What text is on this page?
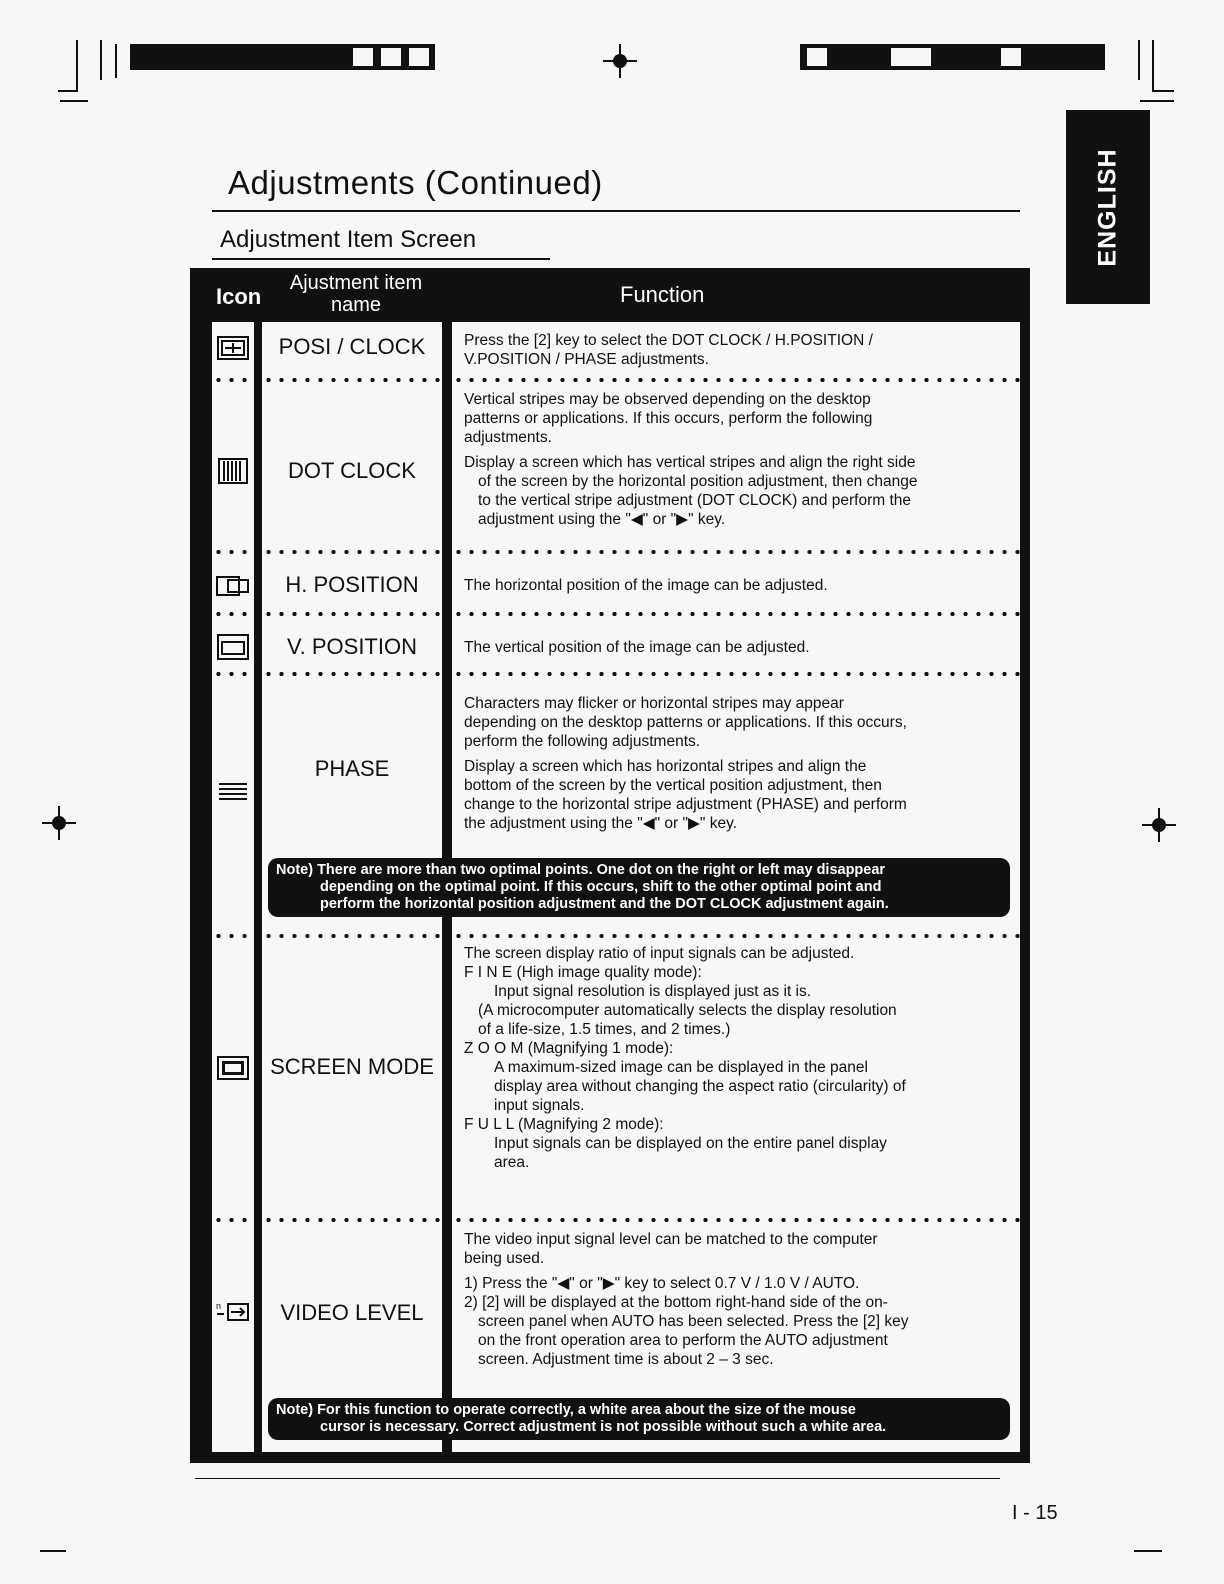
ENGLISH
Adjustments (Continued)
Adjustment Item Screen
Icon
Ajustment item name	Function
n
POSI / CLOCK
DOT CLOCK
H. POSITION
V. POSITION
PHASE
SCREEN MODE
VIDEO LEVEL

Press the [2] key to select the DOT CLOCK / H.POSITION /

V.POSITION / PHASE adjustments.

Vertical stripes may be observed depending on the desktop

patterns or applications. If this occurs, perform the following

adjustments.

Display a screen which has vertical stripes and align the right side

of the screen by the horizontal position adjustment, then change

to the vertical stripe adjustment (DOT CLOCK) and perform the

adjustment using the "◀" or "▶" key.

The horizontal position of the image can be adjusted.

The vertical position of the image can be adjusted.

Characters may flicker or horizontal stripes may appear

depending on the desktop patterns or applications. If this occurs,

perform the following adjustments.

Display a screen which has horizontal stripes and align the

bottom of the screen by the vertical position adjustment, then

change to the horizontal stripe adjustment (PHASE) and perform

the adjustment using the "◀" or "▶" key.

The screen display ratio of input signals can be adjusted.

F I N E (High image quality mode):

Input signal resolution is displayed just as it is.

(A microcomputer automatically selects the display resolution

of a life-size, 1.5 times, and 2 times.)

Z O O M (Magnifying 1 mode):

A maximum-sized image can be displayed in the panel

display area without changing the aspect ratio (circularity) of

input signals.

F U L L (Magnifying 2 mode):

Input signals can be displayed on the entire panel display

area.

The video input signal level can be matched to the computer

being used.

1) Press the "◀" or "▶" key to select 0.7 V / 1.0 V / AUTO.

2) [2] will be displayed at the bottom right-hand side of the on-

screen panel when AUTO has been selected. Press the [2] key

on the front operation area to perform the AUTO adjustment

screen. Adjustment time is about 2 – 3 sec.

Note) There are more than two optimal points. One dot on the right or left may disappear
depending on the optimal point. If this occurs, shift to the other optimal point and
perform the horizontal position adjustment and the DOT CLOCK adjustment again.
Note) For this function to operate correctly, a white area about the size of the mouse
cursor is necessary. Correct adjustment is not possible without such a white area.
I - 15
